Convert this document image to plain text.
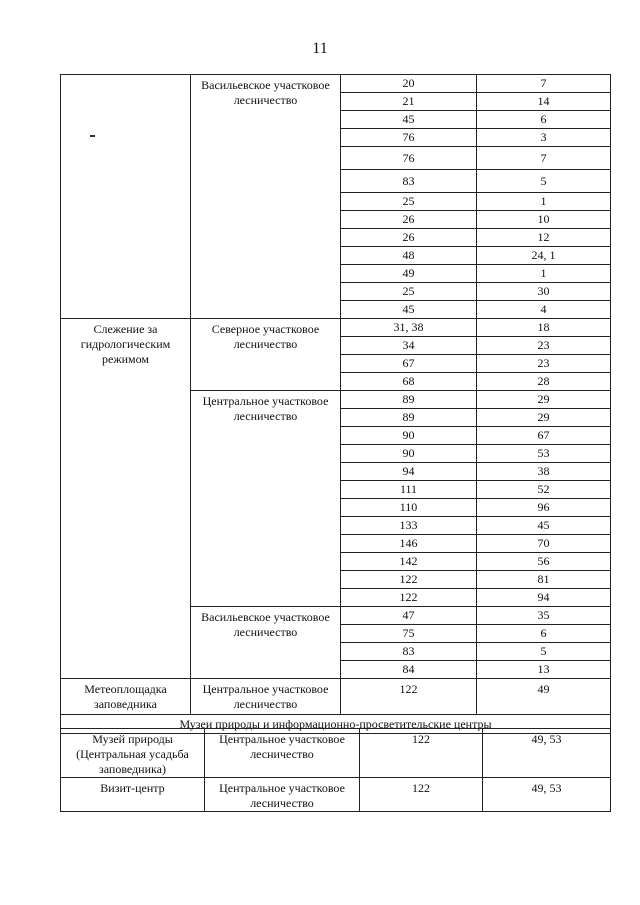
11
	Васильевское участковое лесничество	20	7
		21	14
		45	6
		76	3
		76	7
		83	5
		25	1
		26	10
		26	12
		48	24, 1
		49	1
		25	30
		45	4
Слежение за гидрологическим режимом	Северное участковое лесничество	31, 38	18
		34	23
		67	23
		68	28
	Центральное участковое лесничество	89	29
		89	29
		90	67
		90	53
		94	38
		111	52
		110	96
		133	45
		146	70
		142	56
		122	81
		122	94
	Васильевское участковое лесничество	47	35
		75	6
		83	5
		84	13
Метеоплощадка заповедника	Центральное участковое лесничество	122	49
Музеи природы и информационно-просветительские центры			
Музей природы (Центральная усадьба заповедника)	Центральное участковое лесничество	122	49, 53
Визит-центр	Центральное участковое лесничество	122	49, 53
